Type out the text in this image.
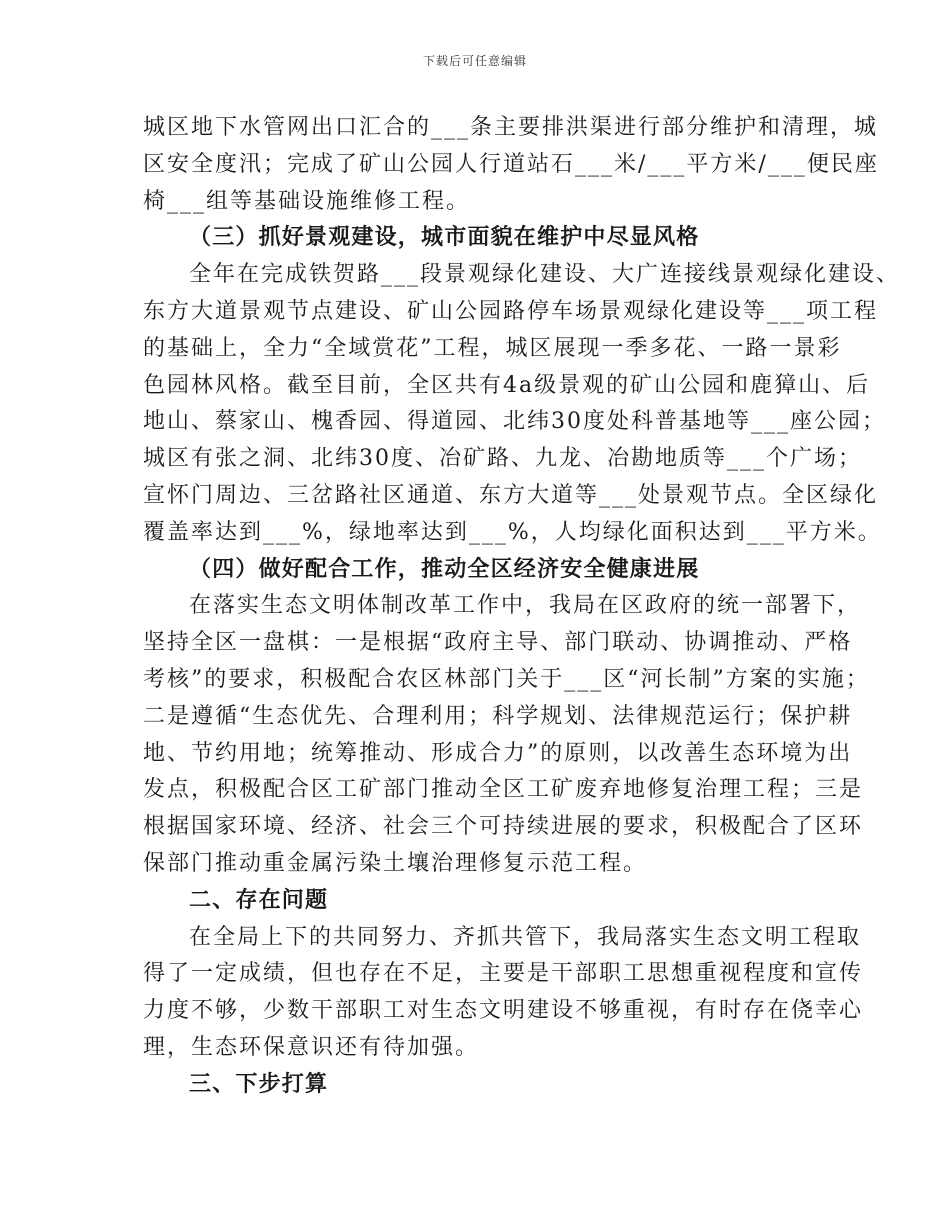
下载后可任意编辑
城区地下水管网出口汇合的___条主要排洪渠进行部分维护和清理，城
区安全度汛；完成了矿山公园人行道站石___米/___平方米/___便民座
椅___组等基础设施维修工程。
（三）抓好景观建设，城市面貌在维护中尽显风格
全年在完成铁贺路___段景观绿化建设、大广连接线景观绿化建设、
东方大道景观节点建设、矿山公园路停车场景观绿化建设等___项工程
的基础上，全力“全域赏花”工程，城区展现一季多花、一路一景彩
色园林风格。截至目前，全区共有4a级景观的矿山公园和鹿獐山、后
地山、蔡家山、槐香园、得道园、北纬30度处科普基地等___座公园；
城区有张之洞、北纬30度、冶矿路、九龙、冶勘地质等___个广场；
宣怀门周边、三岔路社区通道、东方大道等___处景观节点。全区绿化
覆盖率达到___%，绿地率达到___%，人均绿化面积达到___平方米。
（四）做好配合工作，推动全区经济安全健康进展
在落实生态文明体制改革工作中，我局在区政府的统一部署下，
坚持全区一盘棋：一是根据“政府主导、部门联动、协调推动、严格
考核”的要求，积极配合农区林部门关于___区“河长制”方案的实施；
二是遵循“生态优先、合理利用；科学规划、法律规范运行；保护耕
地、节约用地；统筹推动、形成合力”的原则，以改善生态环境为出
发点，积极配合区工矿部门推动全区工矿废弃地修复治理工程；三是
根据国家环境、经济、社会三个可持续进展的要求，积极配合了区环
保部门推动重金属污染土壤治理修复示范工程。
二、存在问题
在全局上下的共同努力、齐抓共管下，我局落实生态文明工程取
得了一定成绩，但也存在不足，主要是干部职工思想重视程度和宣传
力度不够，少数干部职工对生态文明建设不够重视，有时存在侥幸心
理，生态环保意识还有待加强。
三、下步打算
